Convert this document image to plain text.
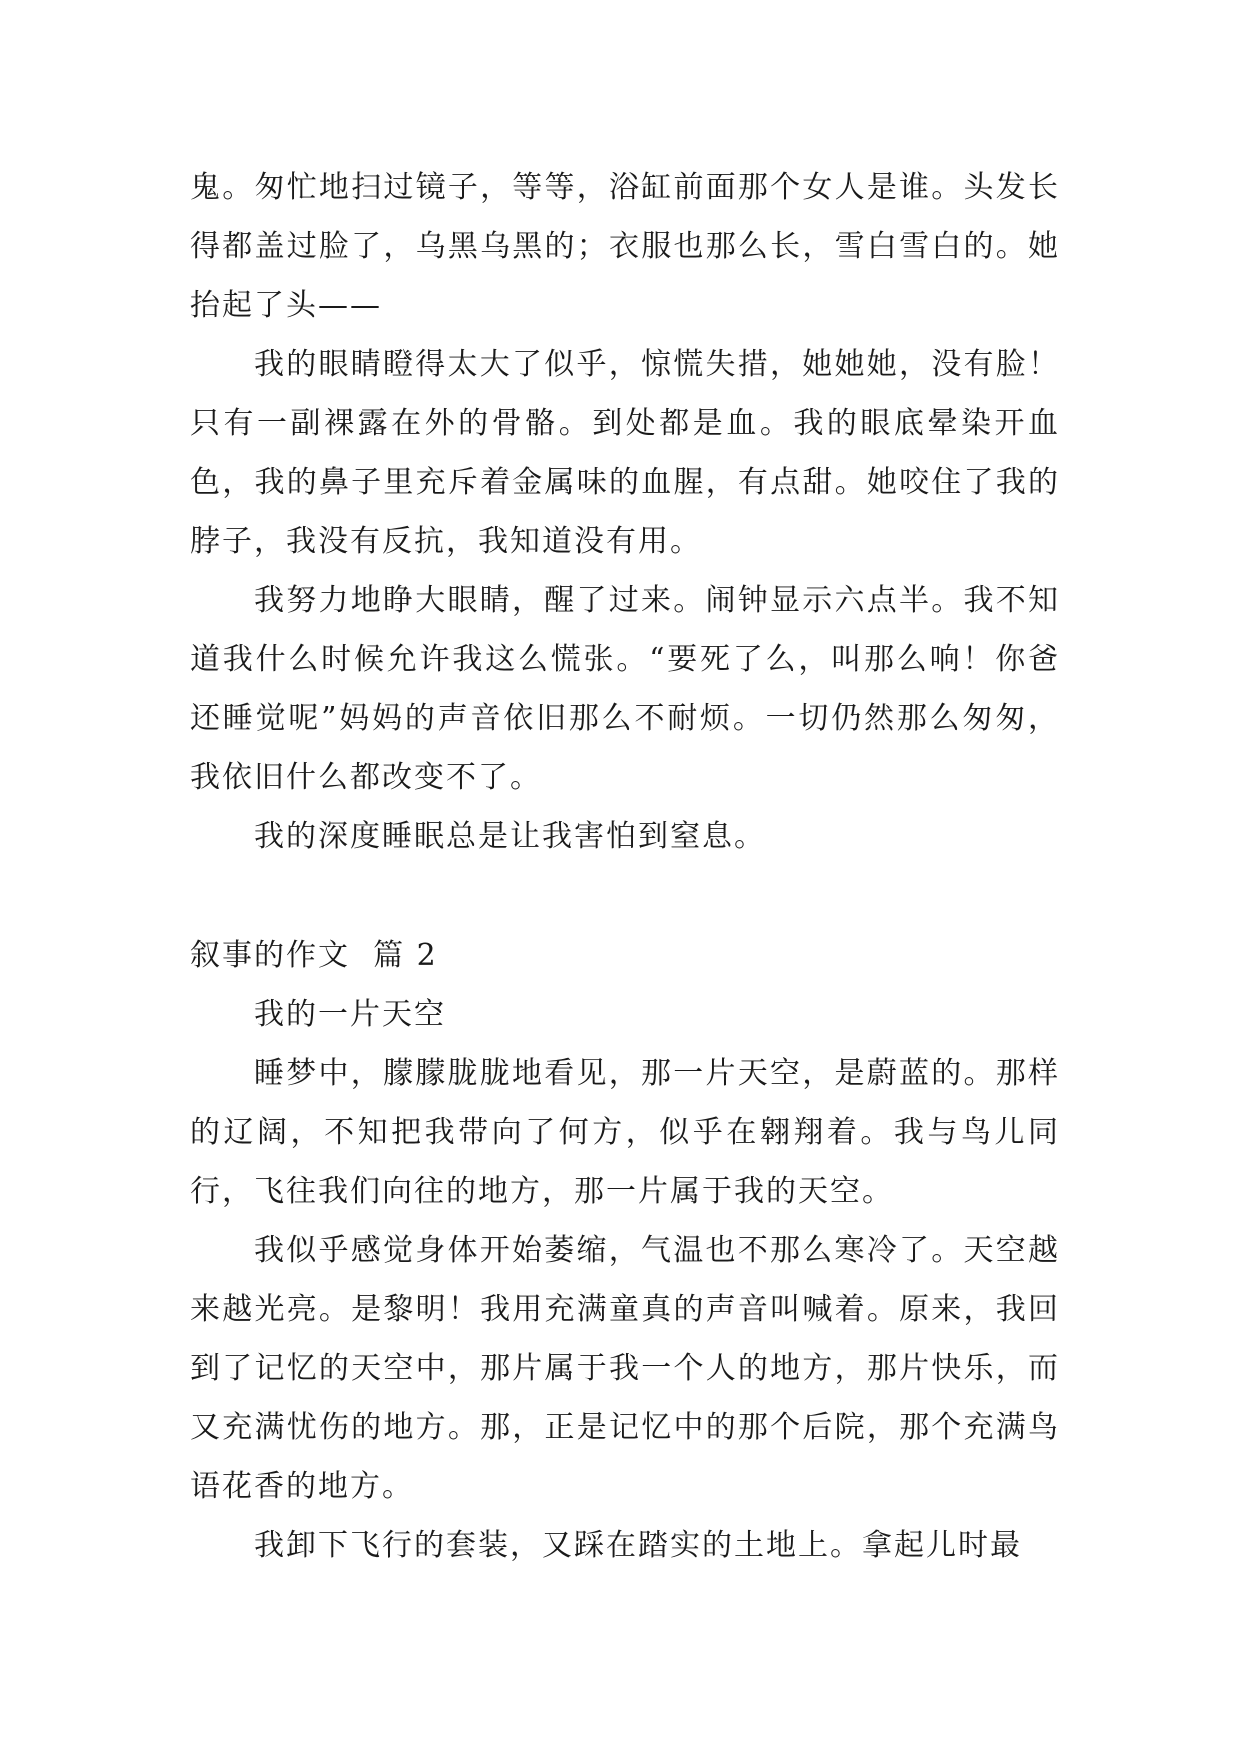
鬼。匆忙地扫过镜子，等等，浴缸前面那个女人是谁。头发长得都盖过脸了，乌黑乌黑的；衣服也那么长，雪白雪白的。她抬起了头——

我的眼睛瞪得太大了似乎，惊慌失措，她她她，没有脸！只有一副裸露在外的骨骼。到处都是血。我的眼底晕染开血色，我的鼻子里充斥着金属味的血腥，有点甜。她咬住了我的脖子，我没有反抗，我知道没有用。

我努力地睁大眼睛，醒了过来。闹钟显示六点半。我不知道我什么时候允许我这么慌张。“要死了么，叫那么响！你爸还睡觉呢”妈妈的声音依旧那么不耐烦。一切仍然那么匆匆，我依旧什么都改变不了。

我的深度睡眠总是让我害怕到窒息。

叙事的作文  篇 2

我的一片天空

睡梦中，朦朦胧胧地看见，那一片天空，是蔚蓝的。那样的辽阔，不知把我带向了何方，似乎在翱翔着。我与鸟儿同行，飞往我们向往的地方，那一片属于我的天空。

我似乎感觉身体开始萎缩，气温也不那么寒冷了。天空越来越光亮。是黎明！我用充满童真的声音叫喊着。原来，我回到了记忆的天空中，那片属于我一个人的地方，那片快乐，而又充满忧伤的地方。那，正是记忆中的那个后院，那个充满鸟语花香的地方。

我卸下飞行的套装，又踩在踏实的土地上。拿起儿时最
